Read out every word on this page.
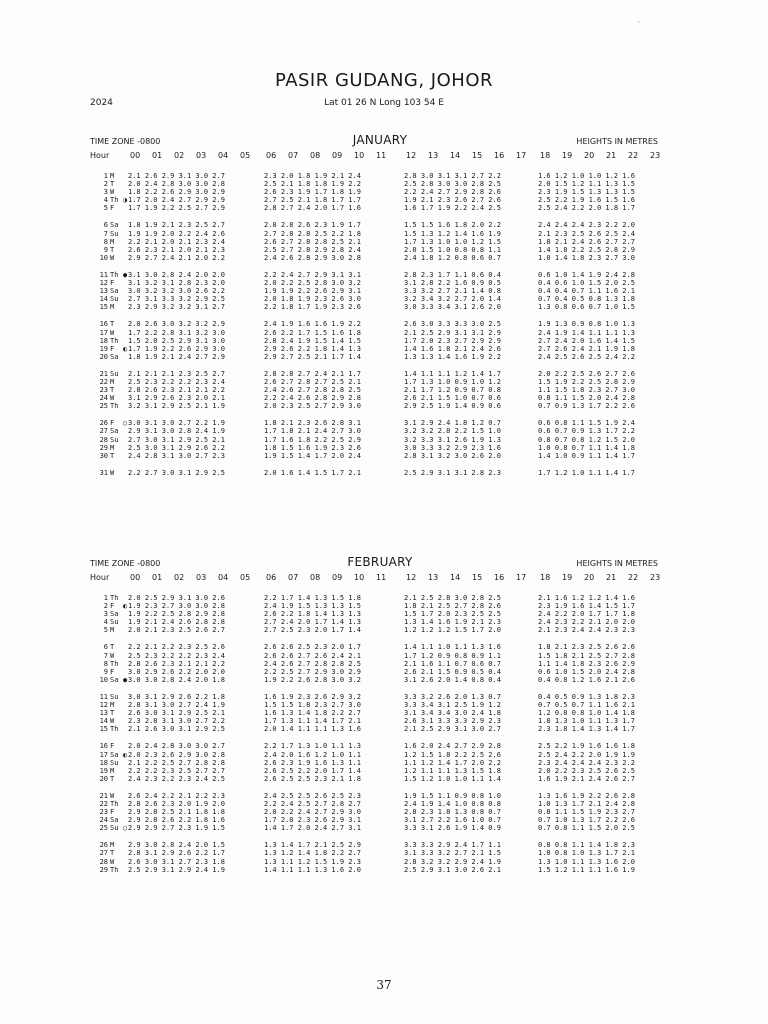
·
PASIR GUDANG, JOHOR
2024	Lat 01 26 N Long 103 54 E
TIME ZONE -0800	JANUARY	HEIGHTS IN METRES
Hour	00 01 02 03 04 05 06 07 08 09 10 11 12 13 14 15 16 17 18 19 20 21 22 23
1 M 2.1 2.6 2.9 3.1 3.0 2.7	2.3 2.0 1.8 1.9 2.1 2.4	2.8 3.0 3.1 3.1 2.7 2.2	1.6 1.2 1.0 1.0 1.2 1.6
2 T 2.0 2.4 2.8 3.0 3.0 2.8	2.5 2.1 1.8 1.8 1.9 2.2	2.5 2.8 3.0 3.0 2.8 2.5	2.0 1.5 1.2 1.1 1.3 1.5
3 W 1.8 2.2 2.6 2.9 3.0 2.9	2.6 2.3 1.9 1.7 1.8 1.9	2.2 2.4 2.7 2.9 2.8 2.6	2.3 1.9 1.5 1.3 1.3 1.5
4 Th ◑ 1.7 2.0 2.4 2.7 2.9 2.9	2.7 2.5 2.1 1.8 1.7 1.7	1.9 2.1 2.3 2.6 2.7 2.6	2.5 2.2 1.9 1.6 1.5 1.6
5 F 1.7 1.9 2.2 2.5 2.7 2.9	2.8 2.7 2.4 2.0 1.7 1.6	1.6 1.7 1.9 2.2 2.4 2.5	2.5 2.4 2.2 2.0 1.8 1.7
6 Sa 1.8 1.9 2.1 2.3 2.5 2.7	2.8 2.8 2.6 2.3 1.9 1.7	1.5 1.5 1.6 1.8 2.0 2.2	2.4 2.4 2.4 2.3 2.2 2.0
7 Su 1.9 1.9 2.0 2.2 2.4 2.6	2.7 2.8 2.8 2.5 2.2 1.8	1.5 1.3 1.2 1.4 1.6 1.9	2.1 2.3 2.5 2.6 2.5 2.4
8 M 2.2 2.1 2.0 2.1 2.3 2.4	2.6 2.7 2.8 2.8 2.5 2.1	1.7 1.3 1.0 1.0 1.2 1.5	1.8 2.1 2.4 2.6 2.7 2.7
9 T 2.6 2.3 2.1 2.0 2.1 2.3	2.5 2.7 2.8 2.9 2.8 2.4	2.0 1.5 1.0 0.8 0.8 1.1	1.4 1.8 2.2 2.5 2.8 2.9
10 W 2.9 2.7 2.4 2.1 2.0 2.2	2.4 2.6 2.8 2.9 3.0 2.8	2.4 1.8 1.2 0.8 0.6 0.7	1.0 1.4 1.8 2.3 2.7 3.0
11 Th ● 3.1 3.0 2.8 2.4 2.0 2.0	2.2 2.4 2.7 2.9 3.1 3.1	2.8 2.3 1.7 1.1 0.6 0.4	0.6 1.0 1.4 1.9 2.4 2.8
12 F 3.1 3.2 3.1 2.8 2.3 2.0	2.0 2.2 2.5 2.8 3.0 3.2	3.1 2.8 2.2 1.6 0.9 0.5	0.4 0.6 1.0 1.5 2.0 2.5
13 Sa 3.0 3.2 3.2 3.0 2.6 2.2	1.9 1.9 2.2 2.6 2.9 3.1	3.3 3.2 2.7 2.1 1.4 0.8	0.4 0.4 0.7 1.1 1.6 2.1
14 Su 2.7 3.1 3.3 3.2 2.9 2.5	2.0 1.8 1.9 2.3 2.6 3.0	3.2 3.4 3.2 2.7 2.0 1.4	0.7 0.4 0.5 0.8 1.3 1.8
15 M 2.3 2.9 3.2 3.2 3.1 2.7	2.2 1.8 1.7 1.9 2.3 2.6	3.0 3.3 3.4 3.1 2.6 2.0	1.3 0.8 0.6 0.7 1.0 1.5
16 T 2.0 2.6 3.0 3.2 3.2 2.9	2.4 1.9 1.6 1.6 1.9 2.2	2.6 3.0 3.3 3.3 3.0 2.5	1.9 1.3 0.9 0.8 1.0 1.3
17 W 1.7 2.2 2.8 3.1 3.2 3.0	2.6 2.2 1.7 1.5 1.6 1.8	2.1 2.5 2.9 3.1 3.1 2.9	2.4 1.9 1.4 1.1 1.1 1.3
18 Th 1.5 2.0 2.5 2.9 3.1 3.0	2.8 2.4 1.9 1.5 1.4 1.5	1.7 2.0 2.3 2.7 2.9 2.9	2.7 2.4 2.0 1.6 1.4 1.5
19 F ◐ 1.7 1.9 2.2 2.6 2.9 3.0	2.9 2.6 2.2 1.8 1.4 1.3	1.4 1.6 1.8 2.1 2.4 2.6	2.7 2.6 2.4 2.1 1.9 1.8
20 Sa 1.8 1.9 2.1 2.4 2.7 2.9	2.9 2.7 2.5 2.1 1.7 1.4	1.3 1.3 1.4 1.6 1.9 2.2	2.4 2.5 2.6 2.5 2.4 2.2
21 Su 2.1 2.1 2.1 2.3 2.5 2.7	2.8 2.8 2.7 2.4 2.1 1.7	1.4 1.1 1.1 1.2 1.4 1.7	2.0 2.2 2.5 2.6 2.7 2.6
22 M 2.5 2.3 2.2 2.2 2.3 2.4	2.6 2.7 2.8 2.7 2.5 2.1	1.7 1.3 1.0 0.9 1.0 1.2	1.5 1.9 2.2 2.5 2.8 2.9
23 T 2.8 2.6 2.3 2.1 2.1 2.2	2.4 2.6 2.7 2.8 2.8 2.5	2.1 1.7 1.2 0.9 0.7 0.8	1.1 1.5 1.8 2.3 2.7 3.0
24 W 3.1 2.9 2.6 2.3 2.0 2.1	2.2 2.4 2.6 2.8 2.9 2.8	2.6 2.1 1.5 1.0 0.7 0.6	0.8 1.1 1.5 2.0 2.4 2.8
25 Th 3.2 3.1 2.9 2.5 2.1 1.9	2.0 2.3 2.5 2.7 2.9 3.0	2.9 2.5 1.9 1.4 0.9 0.6	0.7 0.9 1.3 1.7 2.2 2.6
26 F ○ 3.0 3.1 3.0 2.7 2.2 1.9	1.8 2.1 2.3 2.6 2.8 3.1	3.1 2.9 2.4 1.8 1.2 0.7	0.6 0.8 1.1 1.5 1.9 2.4
27 Sa 2.9 3.1 3.0 2.8 2.4 1.9	1.7 1.8 2.1 2.4 2.7 3.0	3.2 3.2 2.8 2.2 1.5 1.0	0.6 0.7 0.9 1.3 1.7 2.2
28 Su 2.7 3.0 3.1 2.9 2.5 2.1	1.7 1.6 1.8 2.2 2.5 2.9	3.2 3.3 3.1 2.6 1.9 1.3	0.8 0.7 0.8 1.2 1.5 2.0
29 M 2.5 3.0 3.1 2.9 2.6 2.2	1.8 1.5 1.6 1.9 2.3 2.6	3.0 3.3 3.2 2.9 2.3 1.6	1.0 0.8 0.7 1.1 1.4 1.8
30 T 2.4 2.8 3.1 3.0 2.7 2.3	1.9 1.5 1.4 1.7 2.0 2.4	2.8 3.1 3.2 3.0 2.6 2.0	1.4 1.0 0.9 1.1 1.4 1.7
31 W 2.2 2.7 3.0 3.1 2.9 2.5	2.0 1.6 1.4 1.5 1.7 2.1	2.5 2.9 3.1 3.1 2.8 2.3	1.7 1.2 1.0 1.1 1.4 1.7
TIME ZONE -0800	FEBRUARY	HEIGHTS IN METRES
Hour	00 01 02 03 04 05 06 07 08 09 10 11 12 13 14 15 16 17 18 19 20 21 22 23
1 Th 2.0 2.5 2.9 3.1 3.0 2.6	2.2 1.7 1.4 1.3 1.5 1.8	2.1 2.5 2.8 3.0 2.8 2.5	2.1 1.6 1.2 1.2 1.4 1.6
2 F ◐ 1.9 2.3 2.7 3.0 3.0 2.8	2.4 1.9 1.5 1.3 1.3 1.5	1.8 2.1 2.5 2.7 2.8 2.6	2.3 1.9 1.6 1.4 1.5 1.7
3 Sa 1.9 2.2 2.5 2.8 2.9 2.8	2.6 2.2 1.8 1.4 1.3 1.3	1.5 1.7 2.0 2.3 2.5 2.5	2.4 2.2 2.0 1.7 1.7 1.8
4 Su 1.9 2.1 2.4 2.6 2.8 2.8	2.7 2.4 2.0 1.7 1.4 1.3	1.3 1.4 1.6 1.9 2.1 2.3	2.4 2.3 2.2 2.1 2.0 2.0
5 M 2.0 2.1 2.3 2.5 2.6 2.7	2.7 2.5 2.3 2.0 1.7 1.4	1.2 1.2 1.2 1.5 1.7 2.0	2.1 2.3 2.4 2.4 2.3 2.3
6 T 2.2 2.1 2.2 2.3 2.5 2.6	2.6 2.6 2.5 2.3 2.0 1.7	1.4 1.1 1.0 1.1 1.3 1.6	1.8 2.1 2.3 2.5 2.6 2.6
7 W 2.5 2.3 2.2 2.2 2.3 2.4	2.6 2.6 2.7 2.6 2.4 2.1	1.7 1.2 0.9 0.8 0.9 1.1	1.5 1.8 2.1 2.5 2.7 2.8
8 Th 2.8 2.6 2.3 2.1 2.1 2.2	2.4 2.6 2.7 2.8 2.8 2.5	2.1 1.6 1.1 0.7 0.6 0.7	1.1 1.4 1.8 2.3 2.6 2.9
9 F 3.0 2.9 2.6 2.2 2.0 2.0	2.2 2.5 2.7 2.9 3.0 2.9	2.6 2.1 1.5 0.9 0.5 0.4	0.6 1.0 1.5 2.0 2.4 2.8
10 Sa ● 3.0 3.0 2.8 2.4 2.0 1.8	1.9 2.2 2.6 2.8 3.0 3.2	3.1 2.6 2.0 1.4 0.8 0.4	0.4 0.8 1.2 1.6 2.1 2.6
11 Su 3.0 3.1 2.9 2.6 2.2 1.8	1.6 1.9 2.3 2.6 2.9 3.2	3.3 3.2 2.6 2.0 1.3 0.7	0.4 0.5 0.9 1.3 1.8 2.3
12 M 2.8 3.1 3.0 2.7 2.4 1.9	1.5 1.5 1.8 2.3 2.7 3.0	3.3 3.4 3.1 2.5 1.9 1.2	0.7 0.5 0.7 1.1 1.6 2.1
13 T 2.6 3.0 3.1 2.9 2.5 2.1	1.6 1.3 1.4 1.8 2.2 2.7	3.1 3.4 3.4 3.0 2.4 1.8	1.2 0.8 0.8 1.0 1.4 1.8
14 W 2.3 2.8 3.1 3.0 2.7 2.2	1.7 1.3 1.1 1.4 1.7 2.1	2.6 3.1 3.3 3.3 2.9 2.3	1.8 1.3 1.0 1.1 1.3 1.7
15 Th 2.1 2.6 3.0 3.1 2.9 2.5	2.0 1.4 1.1 1.1 1.3 1.6	2.1 2.5 2.9 3.1 3.0 2.7	2.3 1.8 1.4 1.3 1.4 1.7
16 F 2.0 2.4 2.8 3.0 3.0 2.7	2.2 1.7 1.3 1.0 1.1 1.3	1.6 2.0 2.4 2.7 2.9 2.8	2.5 2.2 1.9 1.6 1.6 1.8
17 Sa ◐ 2.0 2.3 2.6 2.9 3.0 2.8	2.4 2.0 1.6 1.2 1.0 1.1	1.2 1.5 1.8 2.2 2.5 2.6	2.5 2.4 2.2 2.0 1.9 1.9
18 Su 2.1 2.2 2.5 2.7 2.8 2.8	2.6 2.3 1.9 1.6 1.3 1.1	1.1 1.2 1.4 1.7 2.0 2.2	2.3 2.4 2.4 2.4 2.3 2.2
19 M 2.2 2.2 2.3 2.5 2.7 2.7	2.6 2.5 2.2 2.0 1.7 1.4	1.2 1.1 1.1 1.3 1.5 1.8	2.0 2.2 2.3 2.5 2.6 2.5
20 T 2.4 2.3 2.2 2.3 2.4 2.5	2.6 2.5 2.5 2.3 2.1 1.8	1.5 1.2 1.0 1.0 1.1 1.4	1.6 1.9 2.1 2.4 2.6 2.7
21 W 2.6 2.4 2.2 2.1 2.2 2.3	2.4 2.5 2.5 2.6 2.5 2.3	1.9 1.5 1.1 0.9 0.8 1.0	1.3 1.6 1.9 2.2 2.6 2.8
22 Th 2.8 2.6 2.3 2.0 1.9 2.0	2.2 2.4 2.5 2.7 2.8 2.7	2.4 1.9 1.4 1.0 0.8 0.8	1.0 1.3 1.7 2.1 2.4 2.8
23 F 2.9 2.8 2.5 2.1 1.8 1.8	2.0 2.2 2.4 2.7 2.9 3.0	2.8 2.3 1.8 1.3 0.8 0.7	0.8 1.1 1.5 1.9 2.3 2.7
24 Sa 2.9 2.8 2.6 2.2 1.8 1.6	1.7 2.0 2.3 2.6 2.9 3.1	3.1 2.7 2.2 1.6 1.0 0.7	0.7 1.0 1.3 1.7 2.2 2.6
25 Su ○ 2.9 2.9 2.7 2.3 1.9 1.5	1.4 1.7 2.0 2.4 2.7 3.1	3.3 3.1 2.6 1.9 1.4 0.9	0.7 0.8 1.1 1.5 2.0 2.5
26 M 2.9 3.0 2.8 2.4 2.0 1.5	1.3 1.4 1.7 2.1 2.5 2.9	3.3 3.3 2.9 2.4 1.7 1.1	0.8 0.8 1.1 1.4 1.8 2.3
27 T 2.8 3.1 2.9 2.6 2.2 1.7	1.3 1.2 1.4 1.8 2.2 2.7	3.1 3.3 3.2 2.7 2.1 1.5	1.0 0.8 1.0 1.3 1.7 2.1
28 W 2.6 3.0 3.1 2.7 2.3 1.8	1.3 1.1 1.2 1.5 1.9 2.3	2.8 3.2 3.2 2.9 2.4 1.9	1.3 1.0 1.1 1.3 1.6 2.0
29 Th 2.5 2.9 3.1 2.9 2.4 1.9	1.4 1.1 1.1 1.3 1.6 2.0	2.5 2.9 3.1 3.0 2.6 2.1	1.5 1.2 1.1 1.1 1.6 1.9
37
